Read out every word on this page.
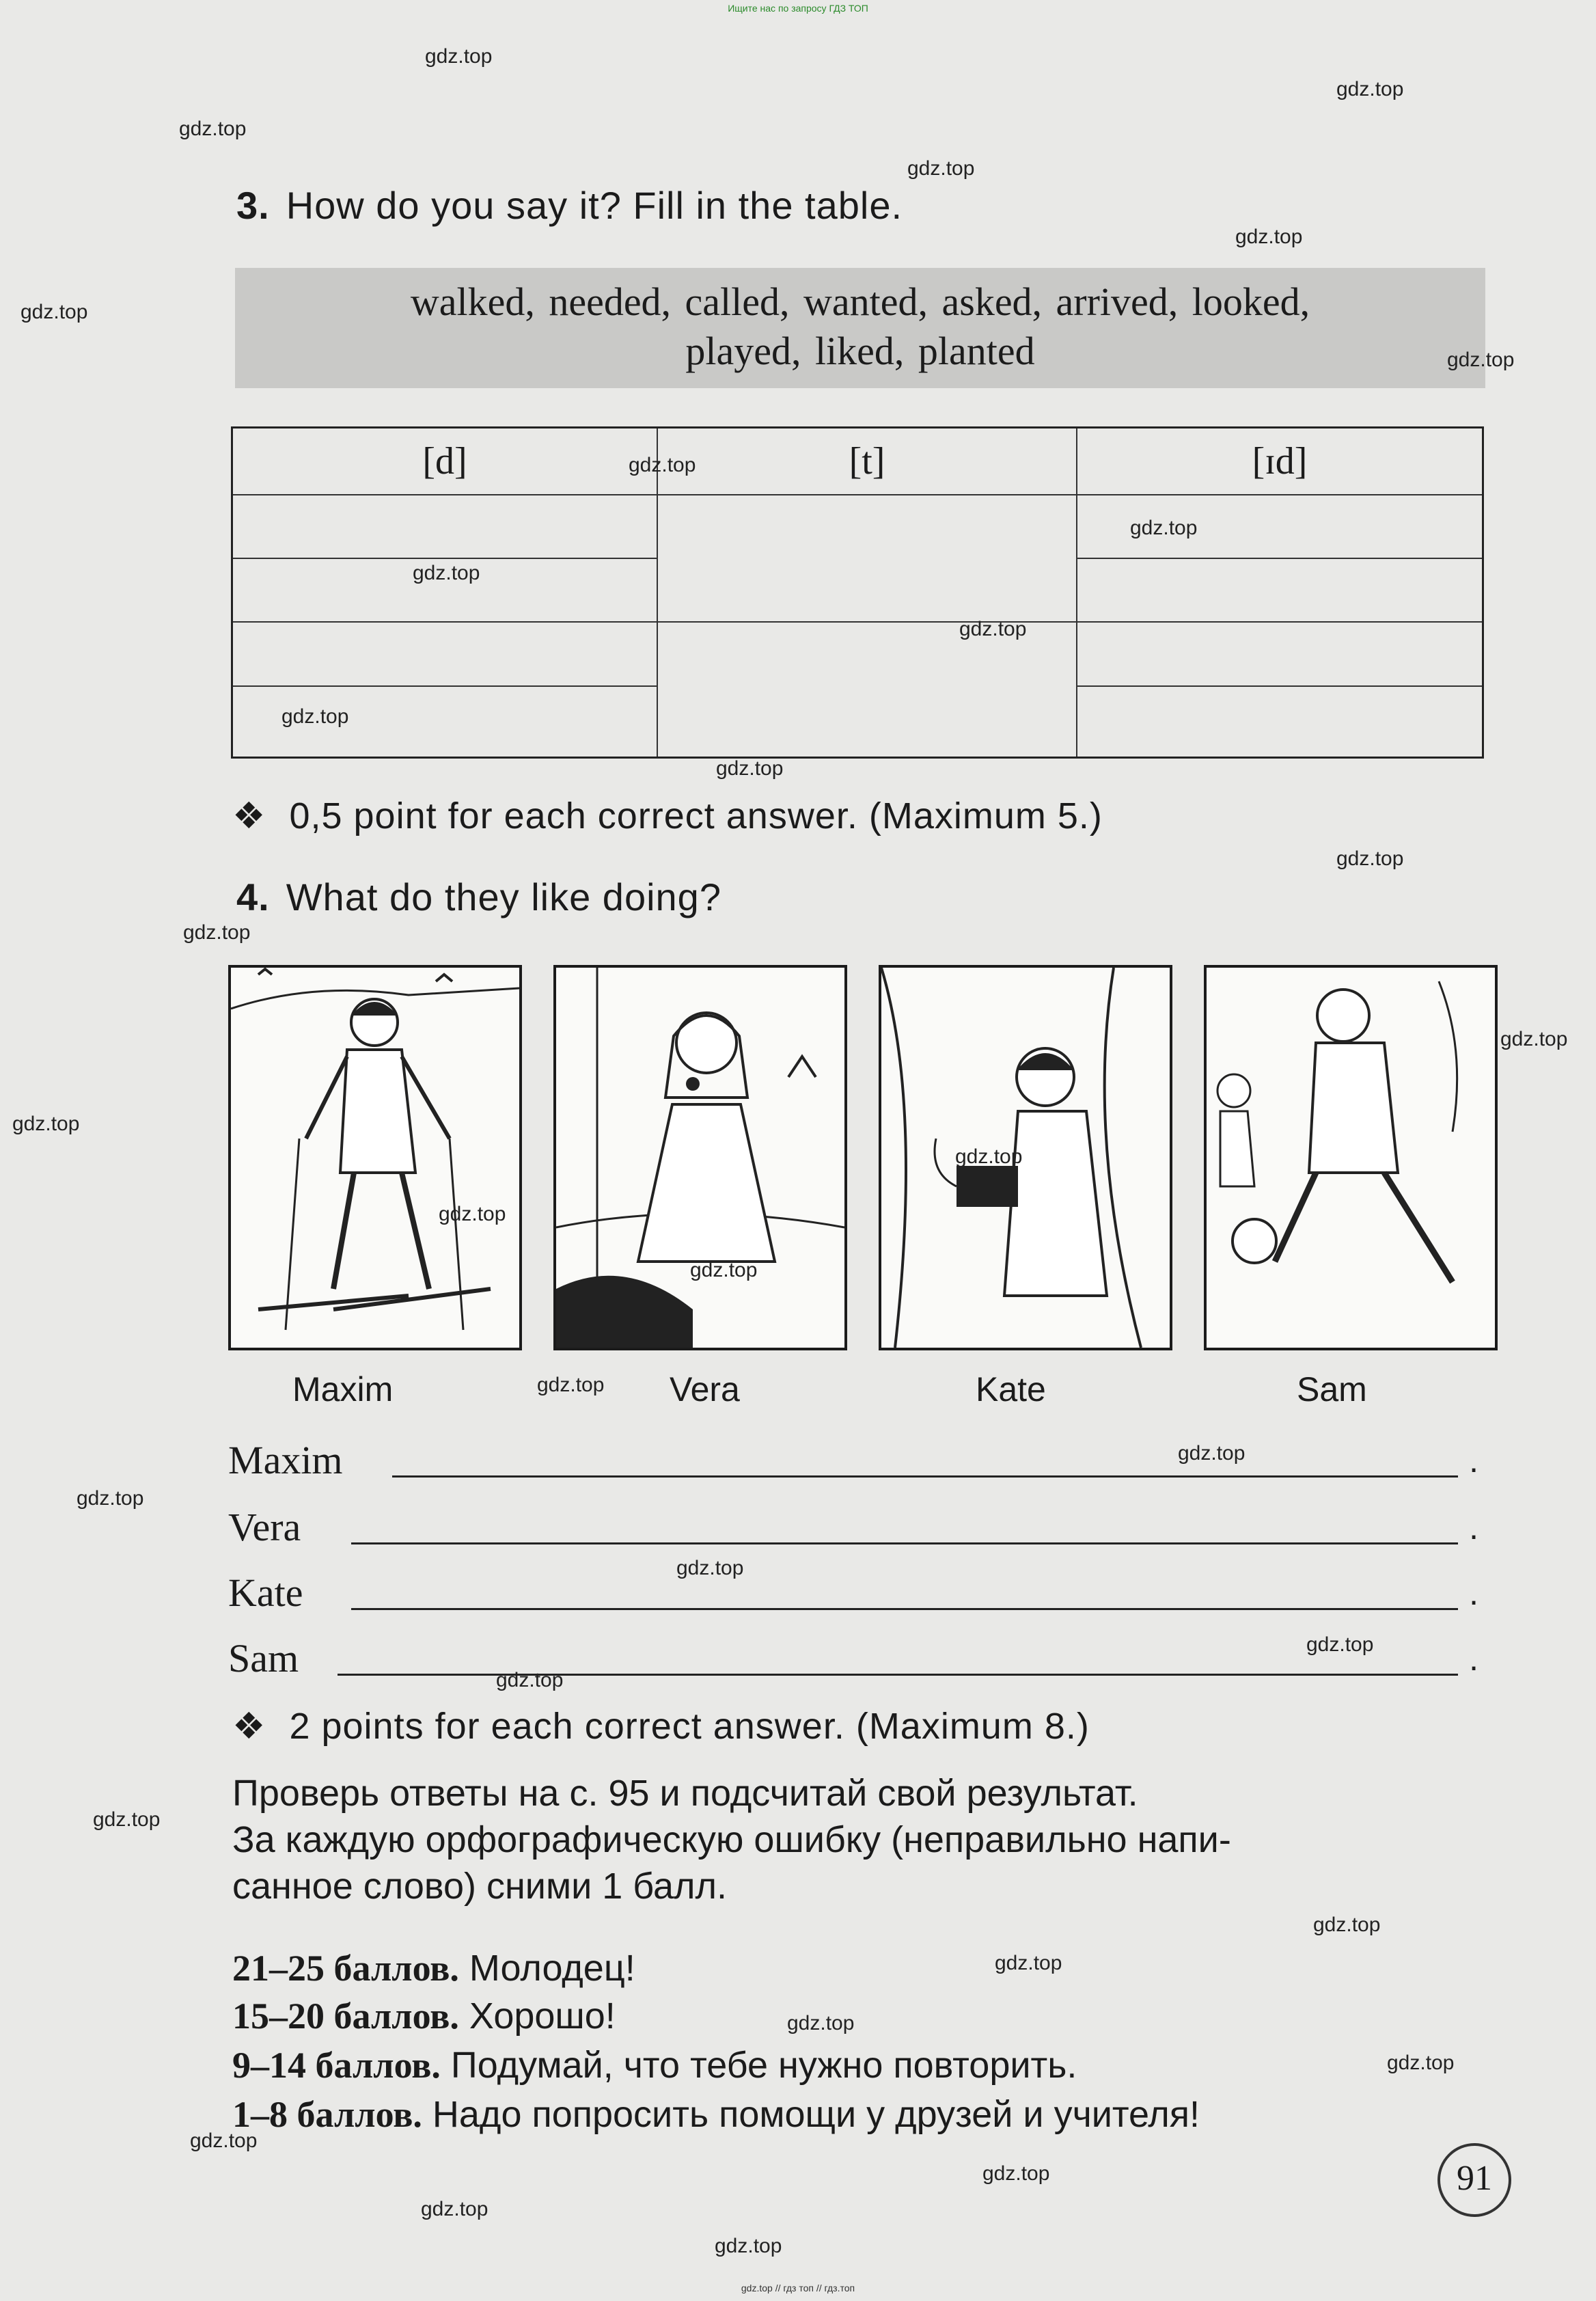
Ищите нас по запросу ГДЗ ТОП
3. How do you say it? Fill in the table.
walked, needed, called, wanted, asked, arrived, looked,
played, liked, planted
[d]	[t]	[ɪd]

❖ 0,5 point for each correct answer. (Maximum 5.)
4. What do they like doing?
Maxim	Vera	Kate	Sam
Maxim	.
Vera	.
Kate	.
Sam	.
❖ 2 points for each correct answer. (Maximum 8.)
Проверь ответы на с. 95 и подсчитай свой результат.
За каждую орфографическую ошибку (неправильно напи-
санное слово) сними 1 балл.
21–25 баллов. Молодец!
15–20 баллов. Хорошо!
9–14 баллов. Подумай, что тебе нужно повторить.
1–8 баллов. Надо попросить помощи у друзей и учителя!
91
gdz.top
gdz.top
gdz.top
gdz.top
gdz.top
gdz.top
gdz.top
gdz.top
gdz.top
gdz.top
gdz.top
gdz.top
gdz.top
gdz.top
gdz.top
gdz.top
gdz.top
gdz.top
gdz.top
gdz.top
gdz.top
gdz.top
gdz.top
gdz.top
gdz.top
gdz.top
gdz.top
gdz.top
gdz.top
gdz.top
gdz.top
gdz.top
gdz.top
gdz.top
gdz.top
gdz.top // гдз топ // гдз.топ
